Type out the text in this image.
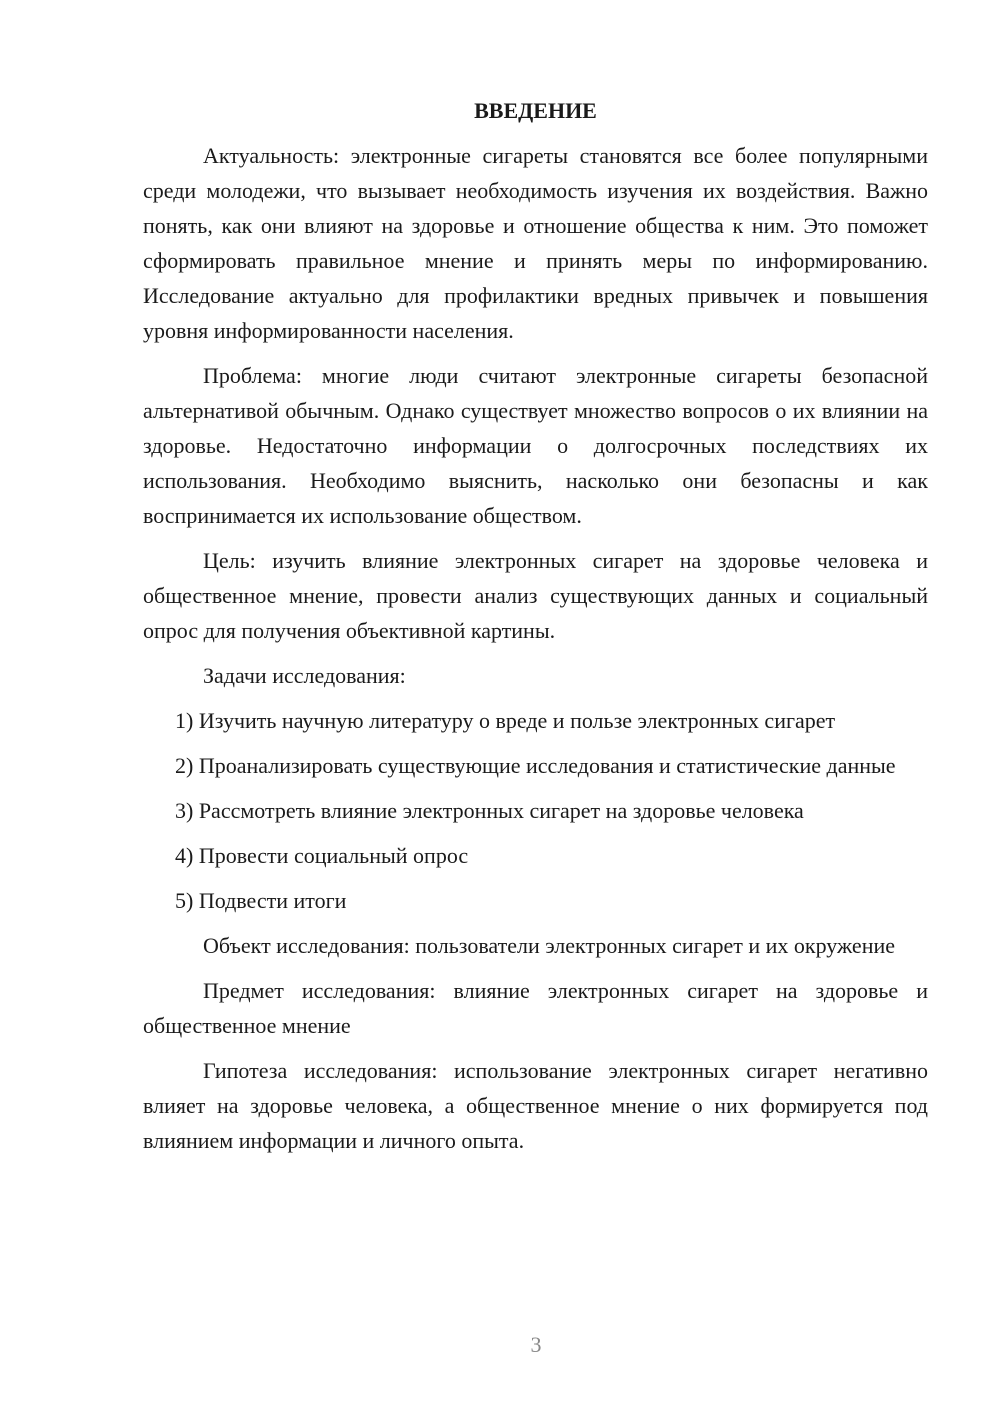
ВВЕДЕНИЕ

Актуальность: электронные сигареты становятся все более популярными среди молодежи, что вызывает необходимость изучения их воздействия. Важно понять, как они влияют на здоровье и отношение общества к ним. Это поможет сформировать правильное мнение и принять меры по информированию. Исследование актуально для профилактики вредных привычек и повышения уровня информированности населения.

Проблема: многие люди считают электронные сигареты безопасной альтернативой обычным. Однако существует множество вопросов о их влиянии на здоровье. Недостаточно информации о долгосрочных последствиях их использования. Необходимо выяснить, насколько они безопасны и как воспринимается их использование обществом.

Цель: изучить влияние электронных сигарет на здоровье человека и общественное мнение, провести анализ существующих данных и социальный опрос для получения объективной картины.

Задачи исследования:

1) Изучить научную литературу о вреде и пользе электронных сигарет

2) Проанализировать существующие исследования и статистические данные

3) Рассмотреть влияние электронных сигарет на здоровье человека

4) Провести социальный опрос

5) Подвести итоги

Объект исследования: пользователи электронных сигарет и их окружение

Предмет исследования: влияние электронных сигарет на здоровье и общественное мнение

Гипотеза исследования: использование электронных сигарет негативно влияет на здоровье человека, а общественное мнение о них формируется под влиянием информации и личного опыта.

3
